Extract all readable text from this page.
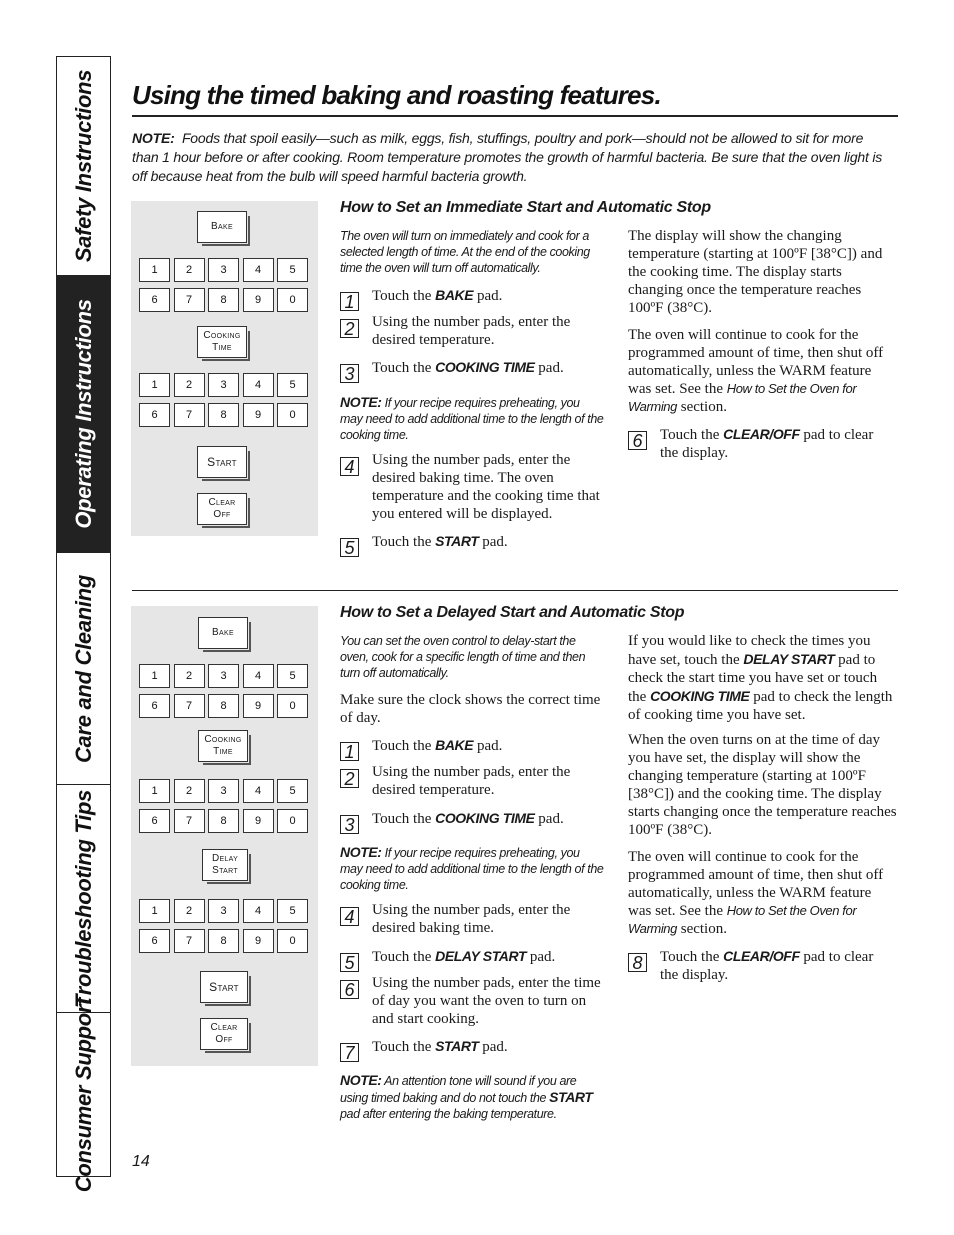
Safety Instructions
Operating Instructions
Care and Cleaning
Troubleshooting Tips
Consumer Support
Using the timed baking and roasting features.
NOTE: Foods that spoil easily—such as milk, eggs, fish, stuffings, poultry and pork—should not be allowed to sit for more than 1 hour before or after cooking. Room temperature promotes the growth of harmful bacteria. Be sure that the oven light is off because heat from the bulb will speed harmful bacteria growth.
Bake
1	2	3	4	5
6	7	8	9	0
Cooking
Time
1	2	3	4	5
6	7	8	9	0
Start
Clear
Off
How to Set an Immediate Start and Automatic Stop
The oven will turn on immediately and cook for a selected length of time. At the end of the cooking time the oven will turn off automatically.
1	Touch the BAKE pad.
2	Using the number pads, enter the desired temperature.
3	Touch the COOKING TIME pad.
NOTE: If your recipe requires preheating, you may need to add additional time to the length of the cooking time.
4	Using the number pads, enter the desired baking time. The oven temperature and the cooking time that you entered will be displayed.
5	Touch the START pad.
The display will show the changing temperature (starting at 100ºF [38°C]) and the cooking time. The display starts changing once the temperature reaches 100ºF (38°C).
The oven will continue to cook for the programmed amount of time, then shut off automatically, unless the WARM feature was set. See the How to Set the Oven for Warming section.
6	Touch the CLEAR/OFF pad to clear the display.
Bake
1	2	3	4	5
6	7	8	9	0
Cooking
Time
1	2	3	4	5
6	7	8	9	0
Delay
Start
1	2	3	4	5
6	7	8	9	0
Start
Clear
Off
How to Set a Delayed Start and Automatic Stop
You can set the oven control to delay-start the oven, cook for a specific length of time and then turn off automatically.
Make sure the clock shows the correct time of day.
1	Touch the BAKE pad.
2	Using the number pads, enter the desired temperature.
3	Touch the COOKING TIME pad.
NOTE: If your recipe requires preheating, you may need to add additional time to the length of the cooking time.
4	Using the number pads, enter the desired baking time.
5	Touch the DELAY START pad.
6	Using the number pads, enter the time of day you want the oven to turn on and start cooking.
7	Touch the START pad.
NOTE: An attention tone will sound if you are using timed baking and do not touch the START pad after entering the baking temperature.
If you would like to check the times you have set, touch the DELAY START pad to check the start time you have set or touch the COOKING TIME pad to check the length of cooking time you have set.
When the oven turns on at the time of day you have set, the display will show the changing temperature (starting at 100ºF [38°C]) and the cooking time. The display starts changing once the temperature reaches 100ºF (38°C).
The oven will continue to cook for the programmed amount of time, then shut off automatically, unless the WARM feature was set. See the How to Set the Oven for Warming section.
8	Touch the CLEAR/OFF pad to clear the display.
14
